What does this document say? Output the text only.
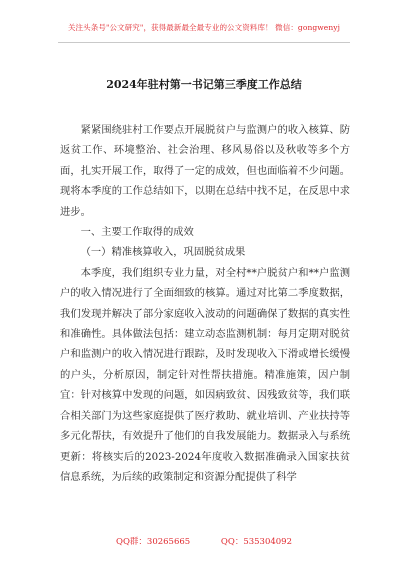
关注头条号"公文研究"，获得最新最全最专业的公文资料库！ 微信：gongwenyj
2024年驻村第一书记第三季度工作总结

紧紧围绕驻村工作要点开展脱贫户与监测户的收入核算、防返贫工作、环境整治、社会治理、移风易俗以及秋收等多个方面，扎实开展工作，取得了一定的成效，但也面临着不少问题。现将本季度的工作总结如下，以期在总结中找不足，在反思中求进步。

一、主要工作取得的成效

（一）精准核算收入，巩固脱贫成果

本季度，我们组织专业力量，对全村**户脱贫户和**户监测户的收入情况进行了全面细致的核算。通过对比第二季度数据，我们发现并解决了部分家庭收入波动的问题确保了数据的真实性和准确性。具体做法包括：建立动态监测机制：每月定期对脱贫户和监测户的收入情况进行跟踪，及时发现收入下滑或增长缓慢的户头，分析原因，制定针对性帮扶措施。精准施策，因户制宜：针对核算中发现的问题，如因病致贫、因残致贫等，我们联合相关部门为这些家庭提供了医疗救助、就业培训、产业扶持等多元化帮扶，有效提升了他们的自我发展能力。数据录入与系统更新：将核实后的2023-2024年度收入数据准确录入国家扶贫信息系统，为后续的政策制定和资源分配提供了科学

QQ群：30265665	QQ：535304092
